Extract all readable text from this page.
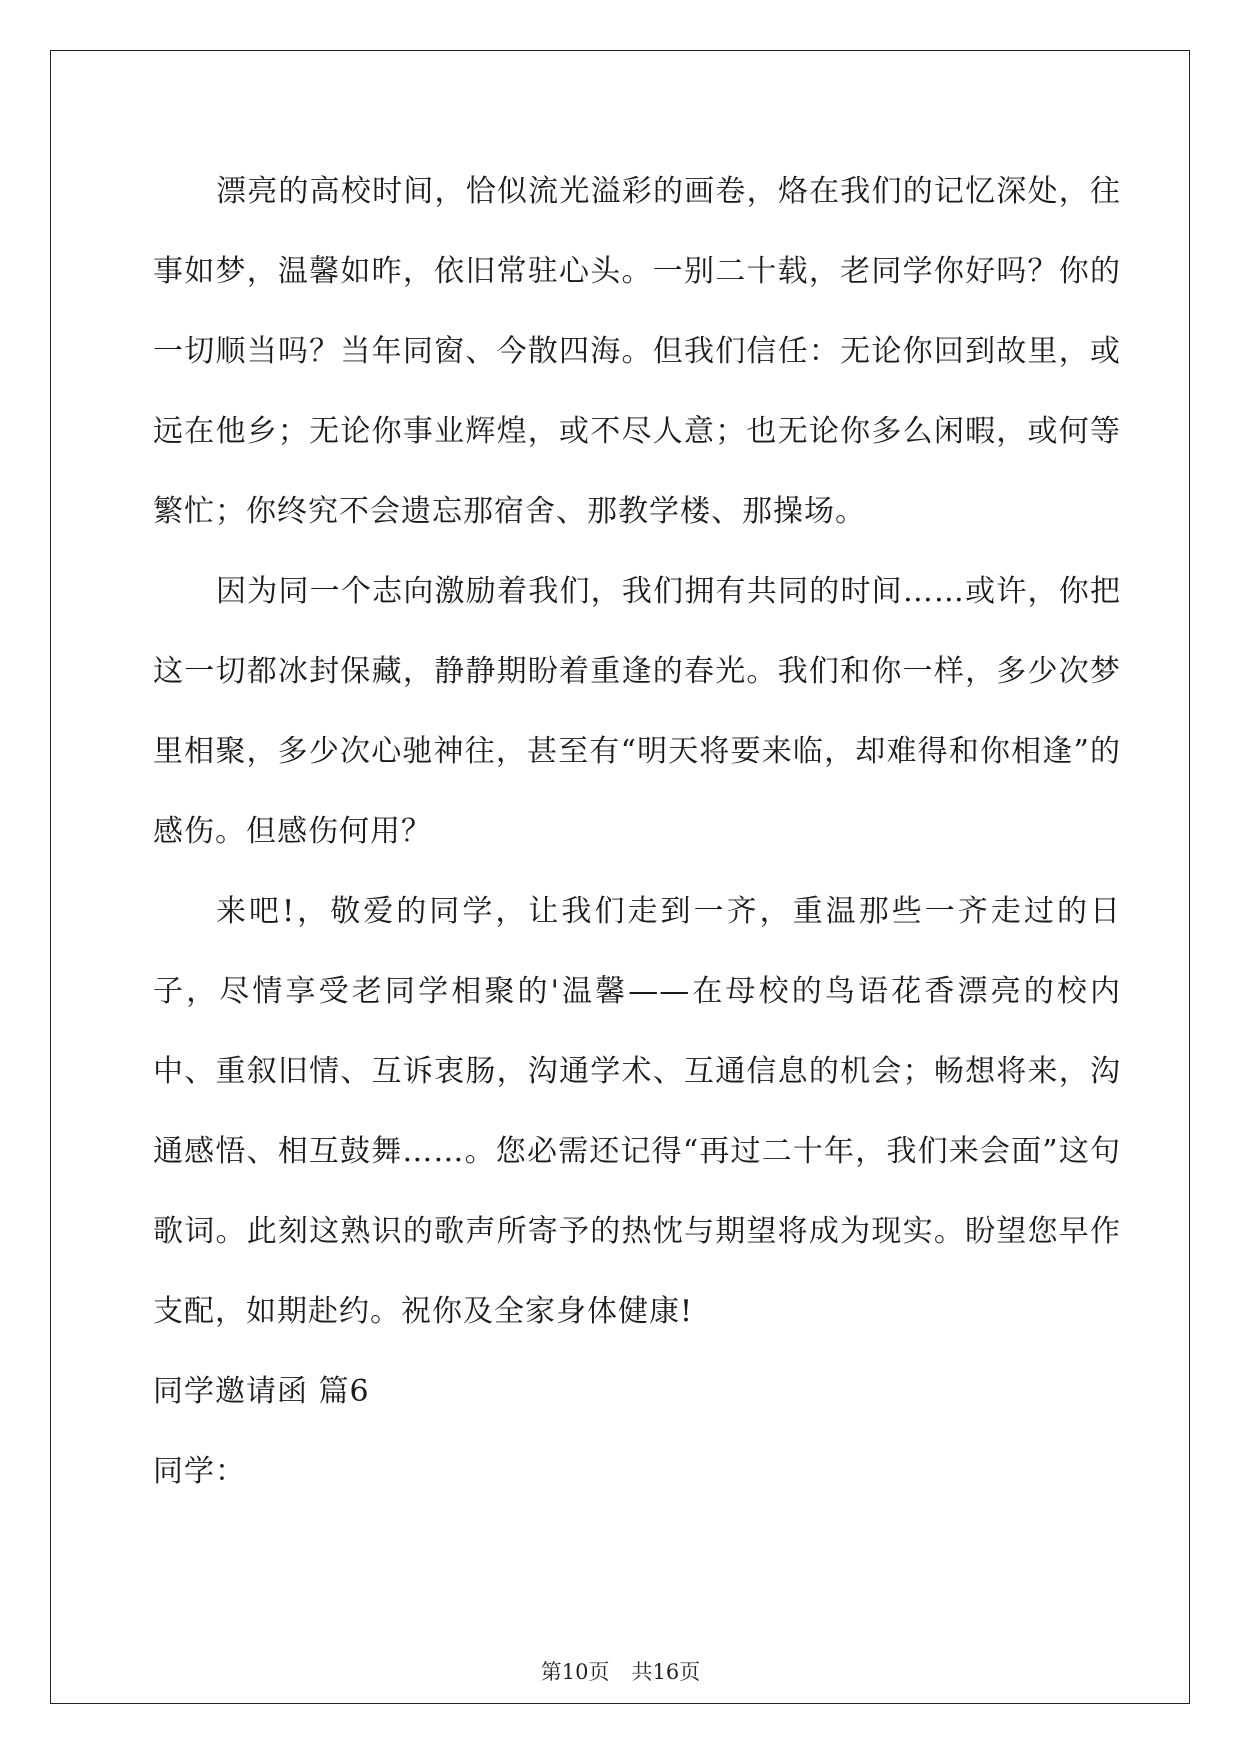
漂亮的高校时间，恰似流光溢彩的画卷，烙在我们的记忆深处，往事如梦，温馨如昨，依旧常驻心头。一别二十载，老同学你好吗？你的一切顺当吗？当年同窗、今散四海。但我们信任：无论你回到故里，或远在他乡；无论你事业辉煌，或不尽人意；也无论你多么闲暇，或何等繁忙；你终究不会遗忘那宿舍、那教学楼、那操场。

因为同一个志向激励着我们，我们拥有共同的时间……或许，你把这一切都冰封保藏，静静期盼着重逢的春光。我们和你一样，多少次梦里相聚，多少次心驰神往，甚至有“明天将要来临，却难得和你相逢”的感伤。但感伤何用？

来吧!，敬爱的同学，让我们走到一齐，重温那些一齐走过的日子，尽情享受老同学相聚的'温馨——在母校的鸟语花香漂亮的校内中、重叙旧情、互诉衷肠，沟通学术、互通信息的机会；畅想将来，沟通感悟、相互鼓舞……。您必需还记得“再过二十年，我们来会面”这句歌词。此刻这熟识的歌声所寄予的热忱与期望将成为现实。盼望您早作支配，如期赴约。祝你及全家身体健康!

同学邀请函 篇6

同学：

第10页 共16页
